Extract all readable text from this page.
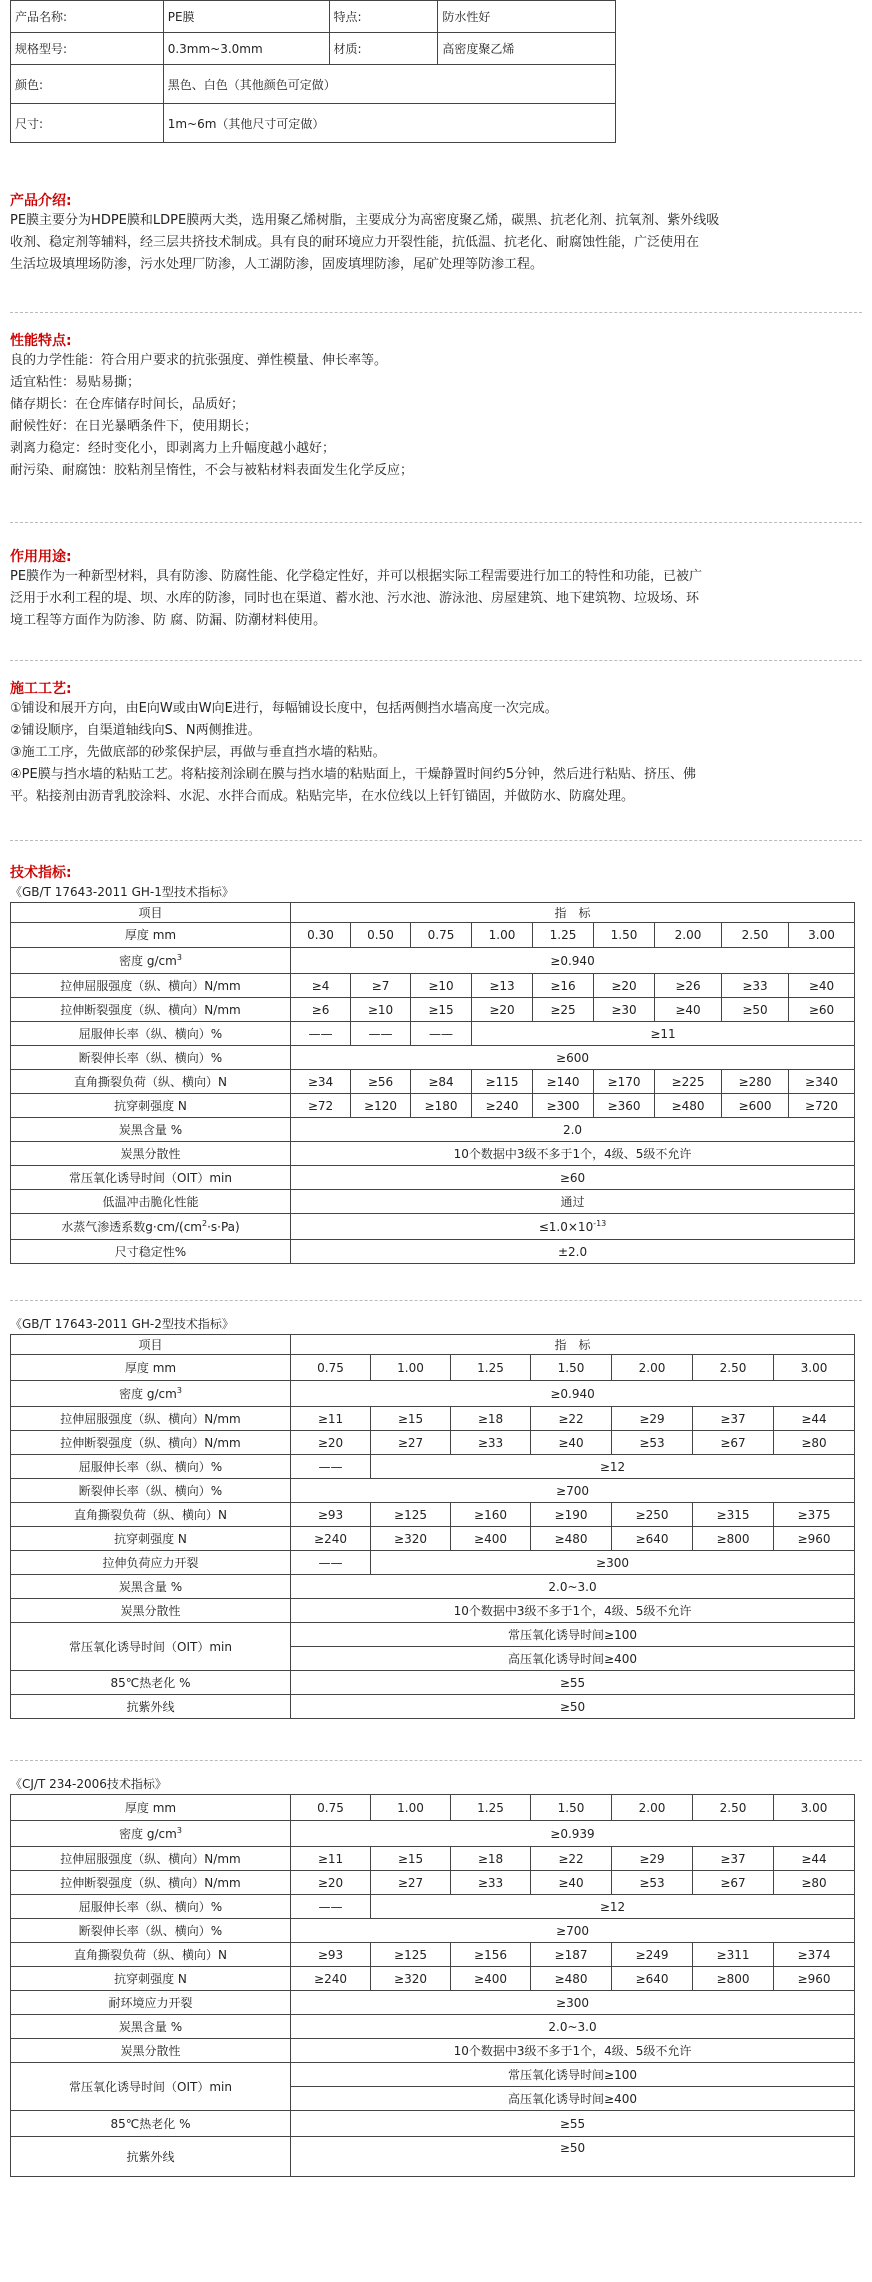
产品名称:	PE膜	特点:	防水性好
规格型号:	0.3mm~3.0mm	材质:	高密度聚乙烯
颜色:	黑色、白色（其他颜色可定做）		
尺寸:	1m~6m（其他尺寸可定做）		
产品介绍:
PE膜主要分为HDPE膜和LDPE膜两大类，选用聚乙烯树脂，主要成分为高密度聚乙烯，碳黑、抗老化剂、抗氧剂、紫外线吸
收剂、稳定剂等辅料，经三层共挤技术制成。具有良的耐环境应力开裂性能，抗低温、抗老化、耐腐蚀性能，广泛使用在
生活垃圾填埋场防渗，污水处理厂防渗，人工湖防渗，固废填埋防渗，尾矿处理等防渗工程。
性能特点:
良的力学性能：符合用户要求的抗张强度、弹性模量、伸长率等。
适宜粘性：易贴易撕；
储存期长：在仓库储存时间长，品质好；
耐候性好：在日光暴晒条件下，使用期长；
剥离力稳定：经时变化小，即剥离力上升幅度越小越好；
耐污染、耐腐蚀：胶粘剂呈惰性，不会与被粘材料表面发生化学反应；
作用用途:
PE膜作为一种新型材料，具有防渗、防腐性能、化学稳定性好，并可以根据实际工程需要进行加工的特性和功能，已被广
泛用于水利工程的堤、坝、水库的防渗，同时也在渠道、蓄水池、污水池、游泳池、房屋建筑、地下建筑物、垃圾场、环
境工程等方面作为防渗、防 腐、防漏、防潮材料使用。
施工工艺:
①铺设和展开方向，由E向W或由W向E进行，每幅铺设长度中，包括两侧挡水墙高度一次完成。
②铺设顺序，自渠道轴线向S、N两侧推进。
③施工工序，先做底部的砂浆保护层，再做与垂直挡水墙的粘贴。
④PE膜与挡水墙的粘贴工艺。将粘接剂涂刷在膜与挡水墙的粘贴面上，干燥静置时间约5分钟，然后进行粘贴、挤压、佛
平。粘接剂由沥青乳胶涂料、水泥、水拌合而成。粘贴完毕，在水位线以上钎钉锚固，并做防水、防腐处理。
技术指标:
《GB/T 17643-2011 GH-1型技术指标》
项目	指　标								
厚度 mm	0.30	0.50	0.75	1.00	1.25	1.50	2.00	2.50	3.00
密度 $g/cm^3$	≥0.940								
拉伸屈服强度（纵、横向）N/mm	≥4	≥7	≥10	≥13	≥16	≥20	≥26	≥33	≥40
拉伸断裂强度（纵、横向）N/mm	≥6	≥10	≥15	≥20	≥25	≥30	≥40	≥50	≥60
屈服伸长率（纵、横向）%	——	——	——	≥11					
断裂伸长率（纵、横向）%	≥600								
直角撕裂负荷（纵、横向）N	≥34	≥56	≥84	≥115	≥140	≥170	≥225	≥280	≥340
抗穿刺强度 N	≥72	≥120	≥180	≥240	≥300	≥360	≥480	≥600	≥720
炭黑含量 %	2.0								
炭黑分散性	10个数据中3级不多于1个，4级、5级不允许								
常压氧化诱导时间（OIT）min	≥60								
低温冲击脆化性能	通过								
水蒸气渗透系数$g\cdot cm/(cm^2\cdot s\cdot Pa)$	$\le 1.0\times 10^{-13}$
尺寸稳定性%	±2.0								
《GB/T 17643-2011 GH-2型技术指标》
项目	指　标						
厚度 mm	0.75	1.00	1.25	1.50	2.00	2.50	3.00
密度 $g/cm^3$	≥0.940						
拉伸屈服强度（纵、横向）N/mm	≥11	≥15	≥18	≥22	≥29	≥37	≥44
拉伸断裂强度（纵、横向）N/mm	≥20	≥27	≥33	≥40	≥53	≥67	≥80
屈服伸长率（纵、横向）%	——	≥12					
断裂伸长率（纵、横向）%	≥700						
直角撕裂负荷（纵、横向）N	≥93	≥125	≥160	≥190	≥250	≥315	≥375
抗穿刺强度 N	≥240	≥320	≥400	≥480	≥640	≥800	≥960
拉伸负荷应力开裂	——	≥300					
炭黑含量 %	2.0~3.0						
炭黑分散性	10个数据中3级不多于1个，4级、5级不允许						
常压氧化诱导时间（OIT）min	常压氧化诱导时间≥100						
	高压氧化诱导时间≥400						
85℃热老化 %	≥55						
抗紫外线	≥50						
《CJ/T 234-2006技术指标》
厚度 mm	0.75	1.00	1.25	1.50	2.00	2.50	3.00
密度 $g/cm^3$	≥0.939						
拉伸屈服强度（纵、横向）N/mm	≥11	≥15	≥18	≥22	≥29	≥37	≥44
拉伸断裂强度（纵、横向）N/mm	≥20	≥27	≥33	≥40	≥53	≥67	≥80
屈服伸长率（纵、横向）%	——	≥12					
断裂伸长率（纵、横向）%	≥700						
直角撕裂负荷（纵、横向）N	≥93	≥125	≥156	≥187	≥249	≥311	≥374
抗穿刺强度 N	≥240	≥320	≥400	≥480	≥640	≥800	≥960
耐环境应力开裂	≥300						
炭黑含量 %	2.0~3.0						
炭黑分散性	10个数据中3级不多于1个，4级、5级不允许						
常压氧化诱导时间（OIT）min	常压氧化诱导时间≥100						
	高压氧化诱导时间≥400						
85℃热老化 %	≥55						
抗紫外线	≥50						
